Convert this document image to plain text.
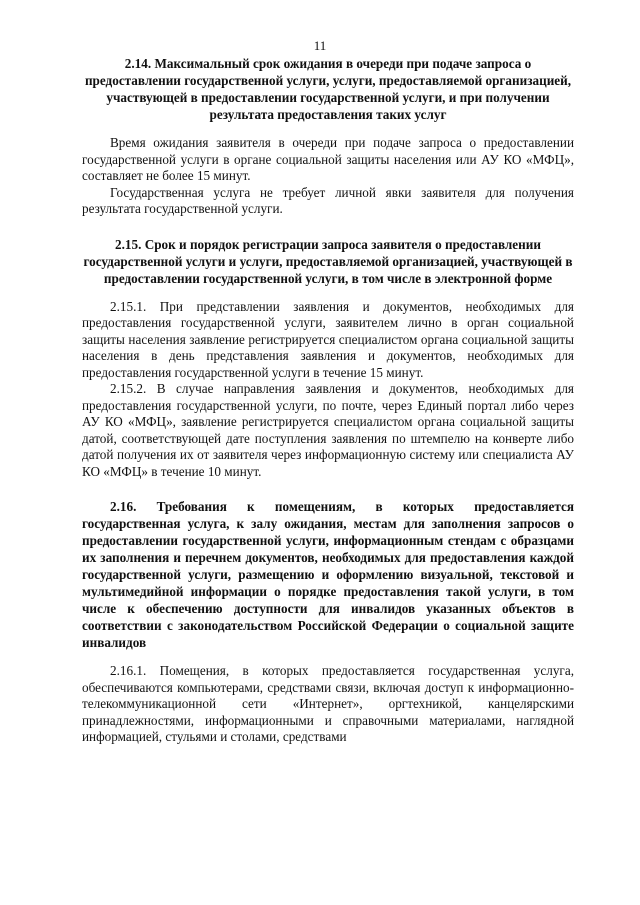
11

2.14. Максимальный срок ожидания в очереди при подаче запроса о предоставлении государственной услуги, услуги, предоставляемой организацией, участвующей в предоставлении государственной услуги, и при получении результата предоставления таких услуг

Время ожидания заявителя в очереди при подаче запроса о предоставлении государственной услуги в органе социальной защиты населения или АУ КО «МФЦ», составляет не более 15 минут.

Государственная услуга не требует личной явки заявителя для получения результата государственной услуги.

2.15. Срок и порядок регистрации запроса заявителя о предоставлении государственной услуги и услуги, предоставляемой организацией, участвующей в предоставлении государственной услуги, в том числе в электронной форме

2.15.1. При представлении заявления и документов, необходимых для предоставления государственной услуги, заявителем лично в орган социальной защиты населения заявление регистрируется специалистом органа социальной защиты населения в день представления заявления и документов, необходимых для предоставления государственной услуги в течение 15 минут.

2.15.2. В случае направления заявления и документов, необходимых для предоставления государственной услуги, по почте, через Единый портал либо через АУ КО «МФЦ», заявление регистрируется специалистом органа социальной защиты датой, соответствующей дате поступления заявления по штемпелю на конверте либо датой получения их от заявителя через информационную систему или специалиста АУ КО «МФЦ» в течение 10 минут.

2.16. Требования к помещениям, в которых предоставляется государственная услуга, к залу ожидания, местам для заполнения запросов о предоставлении государственной услуги, информационным стендам с образцами их заполнения и перечнем документов, необходимых для предоставления каждой государственной услуги, размещению и оформлению визуальной, текстовой и мультимедийной информации о порядке предоставления такой услуги, в том числе к обеспечению доступности для инвалидов указанных объектов в соответствии с законодательством Российской Федерации о социальной защите инвалидов

2.16.1. Помещения, в которых предоставляется государственная услуга, обеспечиваются компьютерами, средствами связи, включая доступ к информационно-телекоммуникационной сети «Интернет», оргтехникой, канцелярскими принадлежностями, информационными и справочными материалами, наглядной информацией, стульями и столами, средствами
